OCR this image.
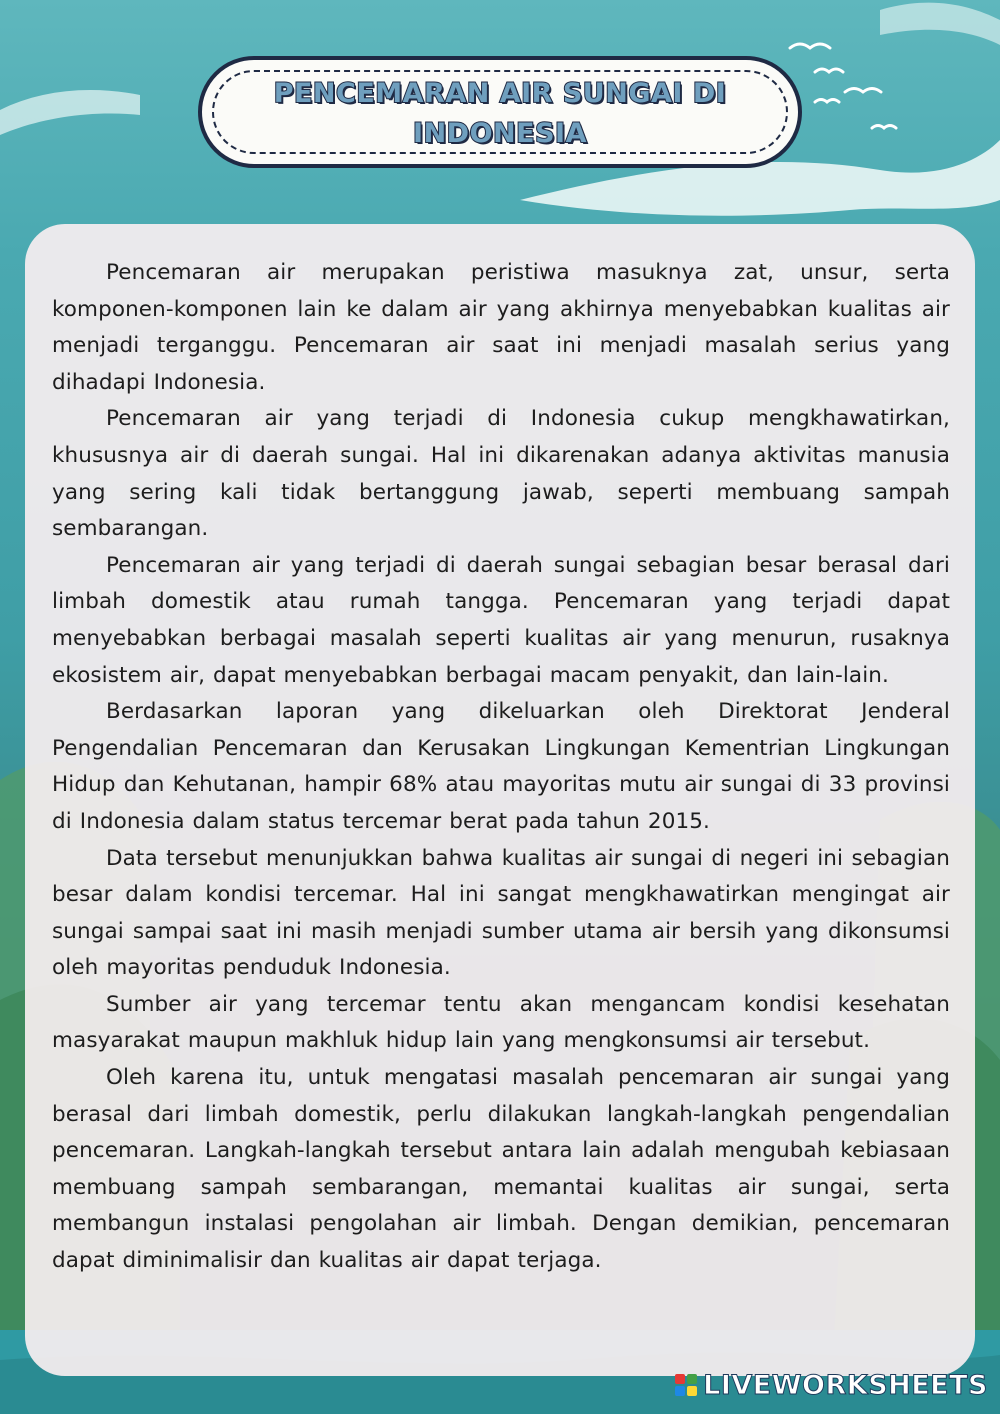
PENCEMARAN AIR SUNGAI DI INDONESIA

Pencemaran air merupakan peristiwa masuknya zat, unsur, serta komponen-komponen lain ke dalam air yang akhirnya menyebabkan kualitas air menjadi terganggu. Pencemaran air saat ini menjadi masalah serius yang dihadapi Indonesia.

Pencemaran air yang terjadi di Indonesia cukup mengkhawatirkan, khususnya air di daerah sungai. Hal ini dikarenakan adanya aktivitas manusia yang sering kali tidak bertanggung jawab, seperti membuang sampah sembarangan.

Pencemaran air yang terjadi di daerah sungai sebagian besar berasal dari limbah domestik atau rumah tangga. Pencemaran yang terjadi dapat menyebabkan berbagai masalah seperti kualitas air yang menurun, rusaknya ekosistem air, dapat menyebabkan berbagai macam penyakit, dan lain-lain.

Berdasarkan laporan yang dikeluarkan oleh Direktorat Jenderal Pengendalian Pencemaran dan Kerusakan Lingkungan Kementrian Lingkungan Hidup dan Kehutanan, hampir 68% atau mayoritas mutu air sungai di 33 provinsi di Indonesia dalam status tercemar berat pada tahun 2015.

Data tersebut menunjukkan bahwa kualitas air sungai di negeri ini sebagian besar dalam kondisi tercemar. Hal ini sangat mengkhawatirkan mengingat air sungai sampai saat ini masih menjadi sumber utama air bersih yang dikonsumsi oleh mayoritas penduduk Indonesia.

Sumber air yang tercemar tentu akan mengancam kondisi kesehatan masyarakat maupun makhluk hidup lain yang mengkonsumsi air tersebut.

Oleh karena itu, untuk mengatasi masalah pencemaran air sungai yang berasal dari limbah domestik, perlu dilakukan langkah-langkah pengendalian pencemaran. Langkah-langkah tersebut antara lain adalah mengubah kebiasaan membuang sampah sembarangan, memantai kualitas air sungai, serta membangun instalasi pengolahan air limbah. Dengan demikian, pencemaran dapat diminimalisir dan kualitas air dapat terjaga.

LIVEWORKSHEETS
